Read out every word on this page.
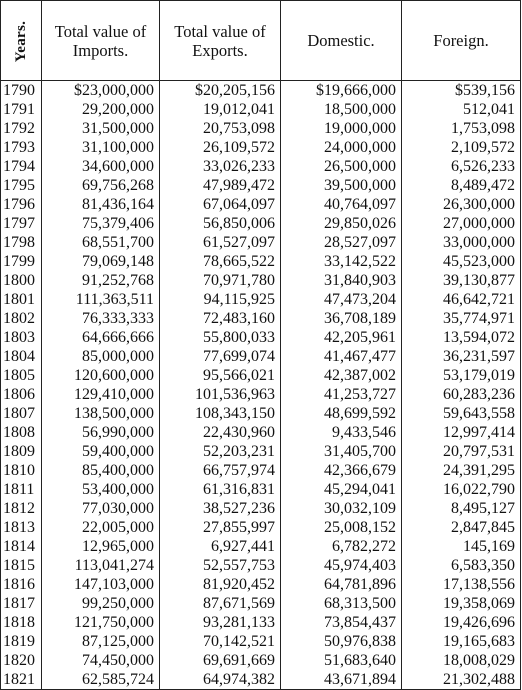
Years.	Total value of Imports.	Total value of Exports.	Domestic.	Foreign.
1790	$23,000,000	$20,205,156	$19,666,000	$539,156
1791	29,200,000	19,012,041	18,500,000	512,041
1792	31,500,000	20,753,098	19,000,000	1,753,098
1793	31,100,000	26,109,572	24,000,000	2,109,572
1794	34,600,000	33,026,233	26,500,000	6,526,233
1795	69,756,268	47,989,472	39,500,000	8,489,472
1796	81,436,164	67,064,097	40,764,097	26,300,000
1797	75,379,406	56,850,006	29,850,026	27,000,000
1798	68,551,700	61,527,097	28,527,097	33,000,000
1799	79,069,148	78,665,522	33,142,522	45,523,000
1800	91,252,768	70,971,780	31,840,903	39,130,877
1801	111,363,511	94,115,925	47,473,204	46,642,721
1802	76,333,333	72,483,160	36,708,189	35,774,971
1803	64,666,666	55,800,033	42,205,961	13,594,072
1804	85,000,000	77,699,074	41,467,477	36,231,597
1805	120,600,000	95,566,021	42,387,002	53,179,019
1806	129,410,000	101,536,963	41,253,727	60,283,236
1807	138,500,000	108,343,150	48,699,592	59,643,558
1808	56,990,000	22,430,960	9,433,546	12,997,414
1809	59,400,000	52,203,231	31,405,700	20,797,531
1810	85,400,000	66,757,974	42,366,679	24,391,295
1811	53,400,000	61,316,831	45,294,041	16,022,790
1812	77,030,000	38,527,236	30,032,109	8,495,127
1813	22,005,000	27,855,997	25,008,152	2,847,845
1814	12,965,000	6,927,441	6,782,272	145,169
1815	113,041,274	52,557,753	45,974,403	6,583,350
1816	147,103,000	81,920,452	64,781,896	17,138,556
1817	99,250,000	87,671,569	68,313,500	19,358,069
1818	121,750,000	93,281,133	73,854,437	19,426,696
1819	87,125,000	70,142,521	50,976,838	19,165,683
1820	74,450,000	69,691,669	51,683,640	18,008,029
1821	62,585,724	64,974,382	43,671,894	21,302,488
